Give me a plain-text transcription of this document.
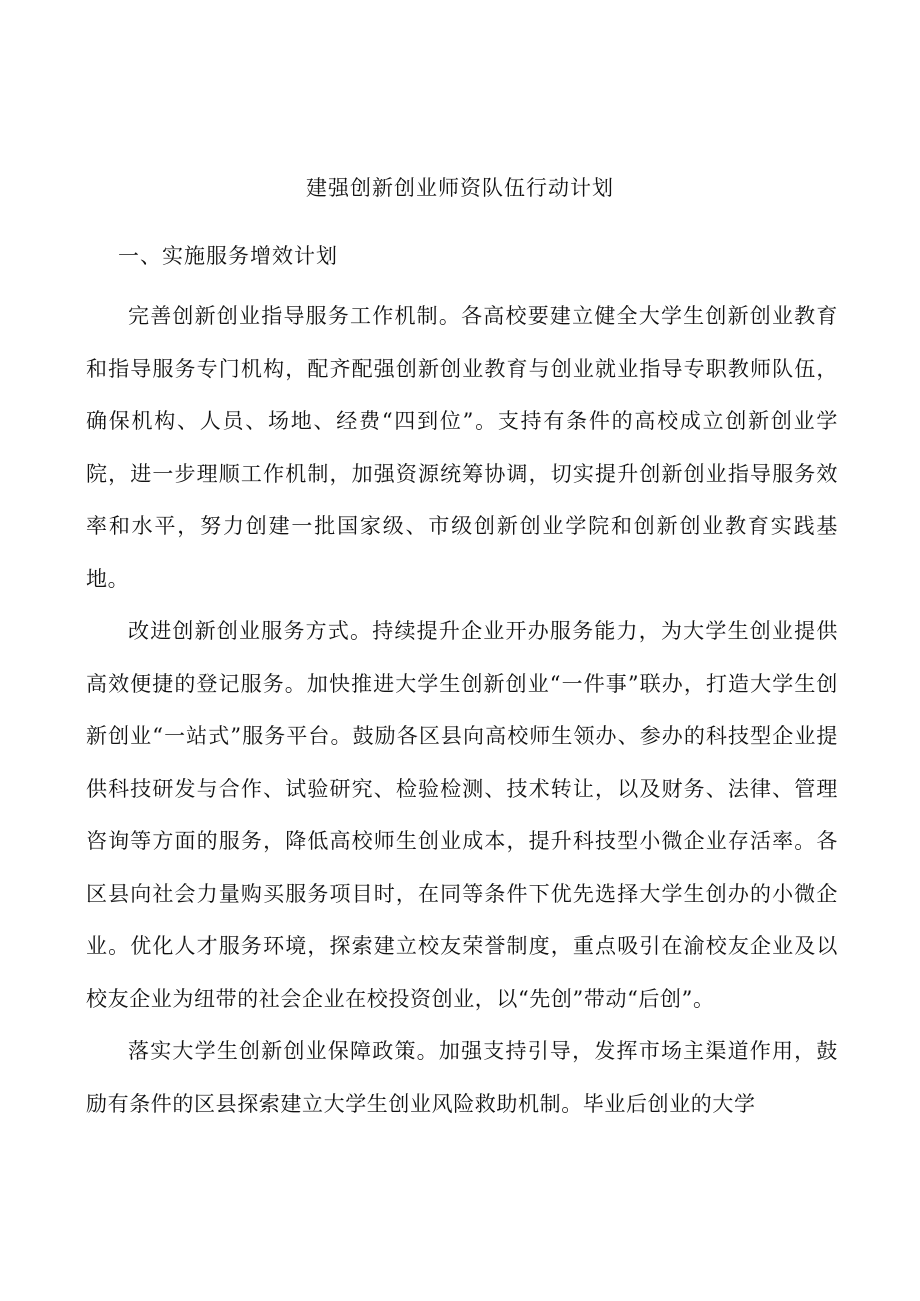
建强创新创业师资队伍行动计划
一、实施服务增效计划

完善创新创业指导服务工作机制。各高校要建立健全大学生创新创业教育和指导服务专门机构，配齐配强创新创业教育与创业就业指导专职教师队伍，确保机构、人员、场地、经费“四到位”。支持有条件的高校成立创新创业学院，进一步理顺工作机制，加强资源统筹协调，切实提升创新创业指导服务效率和水平，努力创建一批国家级、市级创新创业学院和创新创业教育实践基地。

改进创新创业服务方式。持续提升企业开办服务能力，为大学生创业提供高效便捷的登记服务。加快推进大学生创新创业“一件事”联办，打造大学生创新创业“一站式”服务平台。鼓励各区县向高校师生领办、参办的科技型企业提供科技研发与合作、试验研究、检验检测、技术转让，以及财务、法律、管理咨询等方面的服务，降低高校师生创业成本，提升科技型小微企业存活率。各区县向社会力量购买服务项目时，在同等条件下优先选择大学生创办的小微企业。优化人才服务环境，探索建立校友荣誉制度，重点吸引在渝校友企业及以校友企业为纽带的社会企业在校投资创业，以“先创”带动“后创”。

落实大学生创新创业保障政策。加强支持引导，发挥市场主渠道作用，鼓励有条件的区县探索建立大学生创业风险救助机制。毕业后创业的大学
